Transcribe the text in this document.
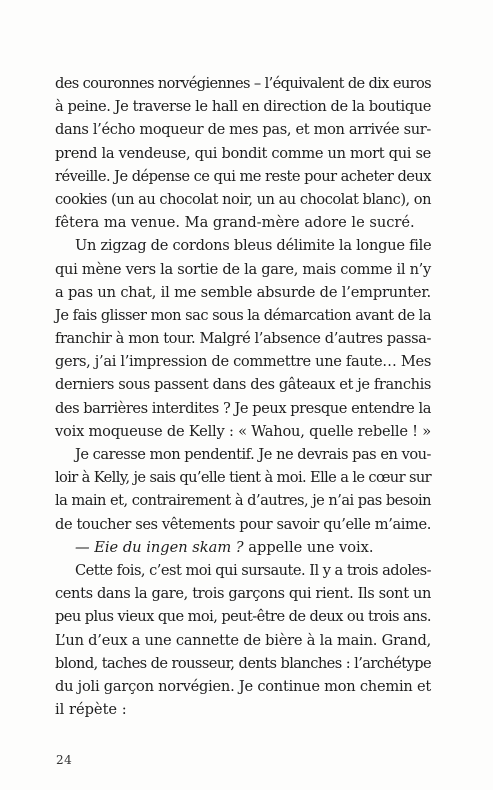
des couronnes norvégiennes – l’équivalent de dix euros
à peine. Je traverse le hall en direction de la boutique
dans l’écho moqueur de mes pas, et mon arrivée sur-
prend la vendeuse, qui bondit comme un mort qui se
réveille. Je dépense ce qui me reste pour acheter deux
cookies (un au chocolat noir, un au chocolat blanc), on
fêtera ma venue. Ma grand-mère adore le sucré.
Un zigzag de cordons bleus délimite la longue file
qui mène vers la sortie de la gare, mais comme il n’y
a pas un chat, il me semble absurde de l’emprunter.
Je fais glisser mon sac sous la démarcation avant de la
franchir à mon tour. Malgré l’absence d’autres passa-
gers, j’ai l’impression de commettre une faute… Mes
derniers sous passent dans des gâteaux et je franchis
des barrières interdites ? Je peux presque entendre la
voix moqueuse de Kelly : « Wahou, quelle rebelle ! »
Je caresse mon pendentif. Je ne devrais pas en vou-
loir à Kelly, je sais qu’elle tient à moi. Elle a le cœur sur
la main et, contrairement à d’autres, je n’ai pas besoin
de toucher ses vêtements pour savoir qu’elle m’aime.
— Eie du ingen skam ? appelle une voix.
Cette fois, c’est moi qui sursaute. Il y a trois adoles-
cents dans la gare, trois garçons qui rient. Ils sont un
peu plus vieux que moi, peut-être de deux ou trois ans.
L’un d’eux a une cannette de bière à la main. Grand,
blond, taches de rousseur, dents blanches : l’archétype
du joli garçon norvégien. Je continue mon chemin et
il répète :
24
